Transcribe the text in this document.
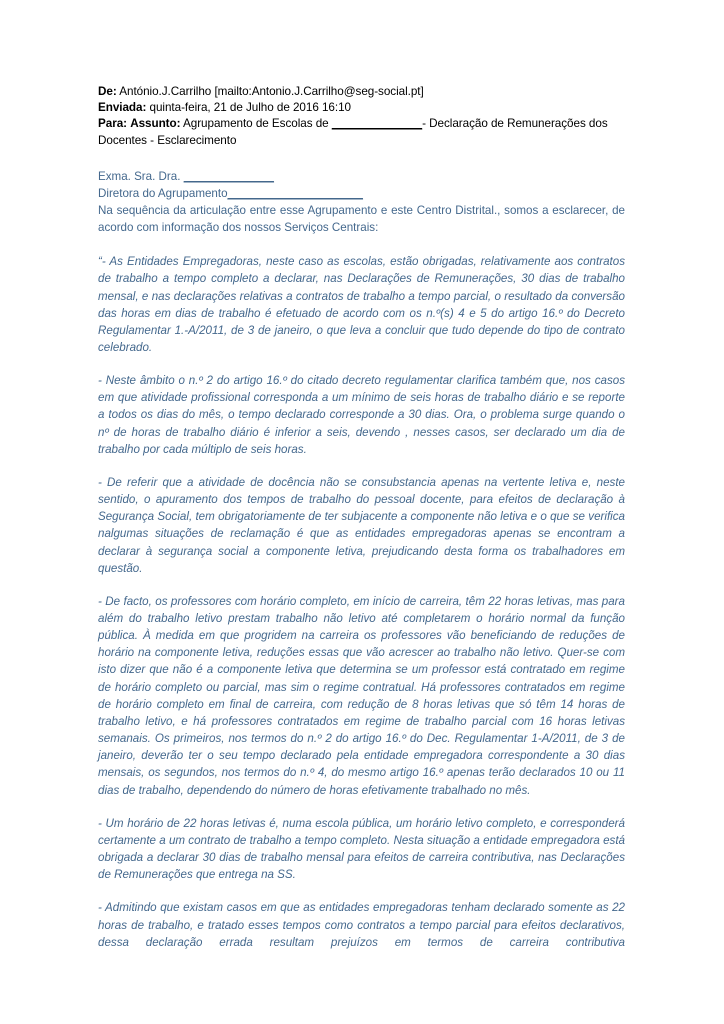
De: António.J.Carrilho [mailto:Antonio.J.Carrilho@seg-social.pt]
Enviada: quinta-feira, 21 de Julho de 2016 16:10
Para: Assunto: Agrupamento de Escolas de ______________- Declaração de Remunerações dos Docentes - Esclarecimento
Exma. Sra. Dra. ______________
Diretora do Agrupamento_____________________
Na sequência da articulação entre esse Agrupamento e este Centro Distrital., somos a esclarecer, de acordo com informação dos nossos Serviços Centrais:

“- As Entidades Empregadoras, neste caso as escolas, estão obrigadas, relativamente aos contratos de trabalho a tempo completo a declarar, nas Declarações de Remunerações, 30 dias de trabalho mensal, e nas declarações relativas a contratos de trabalho a tempo parcial, o resultado da conversão das horas em dias de trabalho é efetuado de acordo com os n.º(s) 4 e 5 do artigo 16.º do Decreto Regulamentar 1.-A/2011, de 3 de janeiro, o que leva a concluir que tudo depende do tipo de contrato celebrado.

- Neste âmbito o n.º 2 do artigo 16.º do citado decreto regulamentar clarifica também que, nos casos em que atividade profissional corresponda a um mínimo de seis horas de trabalho diário e se reporte a todos os dias do mês, o tempo declarado corresponde a 30 dias. Ora, o problema surge quando o nº de horas de trabalho diário é inferior a seis, devendo , nesses casos, ser declarado um dia de trabalho por cada múltiplo de seis horas.

- De referir que a atividade de docência não se consubstancia apenas na vertente letiva e, neste sentido, o apuramento dos tempos de trabalho do pessoal docente, para efeitos de declaração à Segurança Social, tem obrigatoriamente de ter subjacente a componente não letiva e o que se verifica nalgumas situações de reclamação é que as entidades empregadoras apenas se encontram a declarar à segurança social a componente letiva, prejudicando desta forma os trabalhadores em questão.

- De facto, os professores com horário completo, em início de carreira, têm 22 horas letivas, mas para além do trabalho letivo prestam trabalho não letivo até completarem o horário normal da função pública. À medida em que progridem na carreira os professores vão beneficiando de reduções de horário na componente letiva, reduções essas que vão acrescer ao trabalho não letivo. Quer-se com isto dizer que não é a componente letiva que determina se um professor está contratado em regime de horário completo ou parcial, mas sim o regime contratual. Há professores contratados em regime de horário completo em final de carreira, com redução de 8 horas letivas que só têm 14 horas de trabalho letivo, e há professores contratados em regime de trabalho parcial com 16 horas letivas semanais. Os primeiros, nos termos do n.º 2 do artigo 16.º do Dec. Regulamentar 1-A/2011, de 3 de janeiro, deverão ter o seu tempo declarado pela entidade empregadora correspondente a 30 dias mensais, os segundos, nos termos do n.º 4, do mesmo artigo 16.º apenas terão declarados 10 ou 11 dias de trabalho, dependendo do número de horas efetivamente trabalhado no mês.

- Um horário de 22 horas letivas é, numa escola pública, um horário letivo completo, e corresponderá certamente a um contrato de trabalho a tempo completo. Nesta situação a entidade empregadora está obrigada a declarar 30 dias de trabalho mensal para efeitos de carreira contributiva, nas Declarações de Remunerações que entrega na SS.

- Admitindo que existam casos em que as entidades empregadoras tenham declarado somente as 22 horas de trabalho, e tratado esses tempos como contratos a tempo parcial para efeitos declarativos, dessa declaração errada resultam prejuízos em termos de carreira contributiva
